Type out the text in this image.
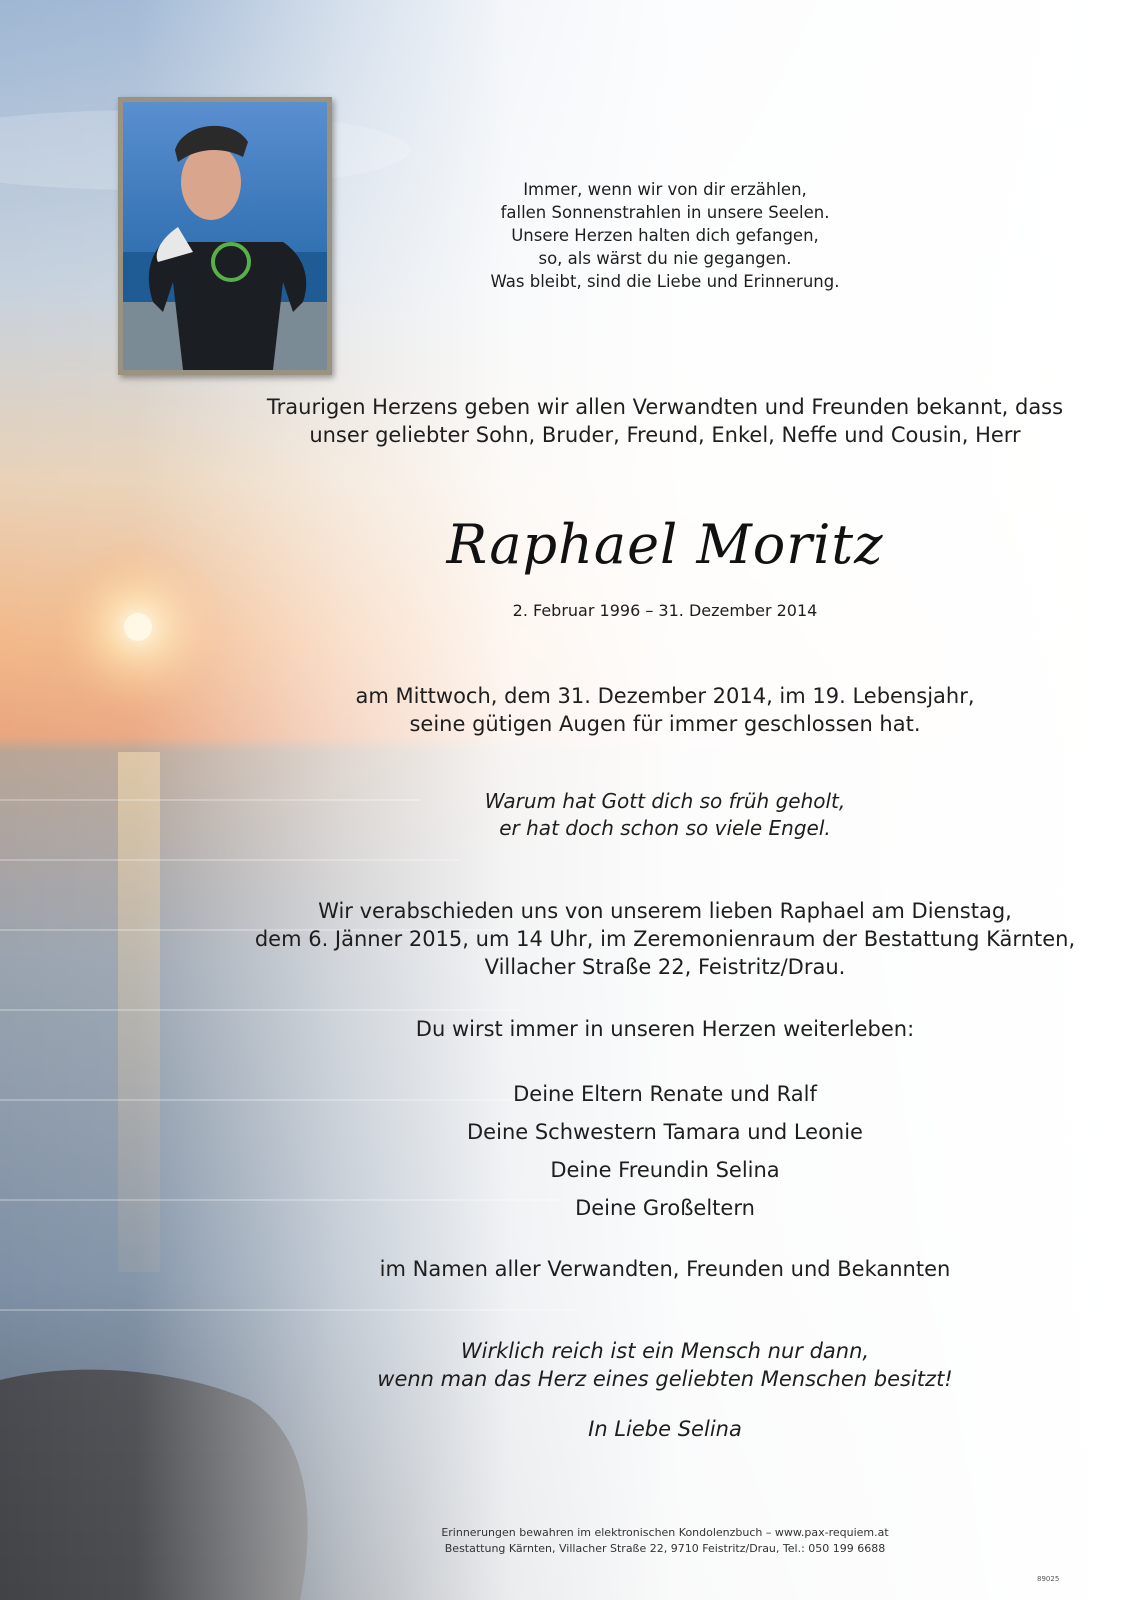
Immer, wenn wir von dir erzählen,
fallen Sonnenstrahlen in unsere Seelen.
Unsere Herzen halten dich gefangen,
so, als wärst du nie gegangen.
Was bleibt, sind die Liebe und Erinnerung.
Traurigen Herzens geben wir allen Verwandten und Freunden bekannt, dass
unser geliebter Sohn, Bruder, Freund, Enkel, Neffe und Cousin, Herr
Raphael Moritz
2. Februar 1996 – 31. Dezember 2014
am Mittwoch, dem 31. Dezember 2014, im 19. Lebensjahr,
seine gütigen Augen für immer geschlossen hat.
Warum hat Gott dich so früh geholt,
er hat doch schon so viele Engel.
Wir verabschieden uns von unserem lieben Raphael am Dienstag,
dem 6. Jänner 2015, um 14 Uhr, im Zeremonienraum der Bestattung Kärnten,
Villacher Straße 22, Feistritz/Drau.
Du wirst immer in unseren Herzen weiterleben:
Deine Eltern Renate und Ralf
Deine Schwestern Tamara und Leonie
Deine Freundin Selina
Deine Großeltern
im Namen aller Verwandten, Freunden und Bekannten
Wirklich reich ist ein Mensch nur dann,
wenn man das Herz eines geliebten Menschen besitzt!
In Liebe Selina
Erinnerungen bewahren im elektronischen Kondolenzbuch – www.pax-requiem.at
Bestattung Kärnten, Villacher Straße 22, 9710 Feistritz/Drau, Tel.: 050 199 6688
89025
